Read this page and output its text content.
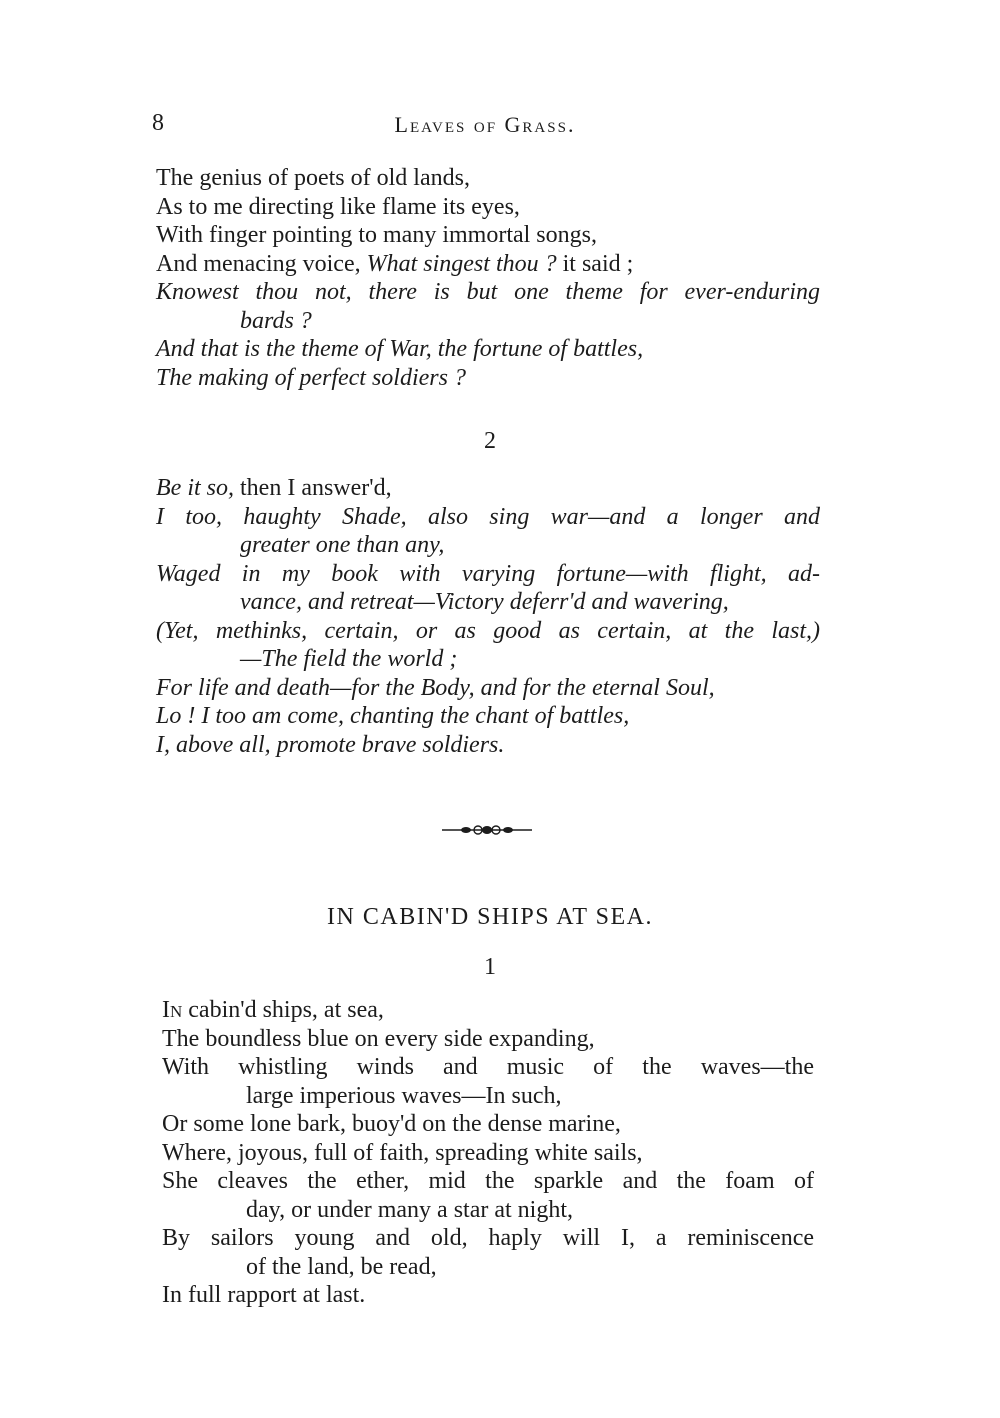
8	Leaves of Grass.
The genius of poets of old lands,
As to me directing like flame its eyes,
With finger pointing to many immortal songs,
And menacing voice, What singest thou ? it said ;
Knowest thou not, there is but one theme for ever-enduring
bards ?
And that is the theme of War, the fortune of battles,
The making of perfect soldiers ?
2
Be it so, then I answer'd,
I too, haughty Shade, also sing war—and a longer and
greater one than any,
Waged in my book with varying fortune—with flight, ad-
vance, and retreat—Victory deferr'd and wavering,
(Yet, methinks, certain, or as good as certain, at the last,)
—The field the world ;
For life and death—for the Body, and for the eternal Soul,
Lo ! I too am come, chanting the chant of battles,
I, above all, promote brave soldiers.
IN CABIN'D SHIPS AT SEA.
1
In cabin'd ships, at sea,
The boundless blue on every side expanding,
With whistling winds and music of the waves—the
large imperious waves—In such,
Or some lone bark, buoy'd on the dense marine,
Where, joyous, full of faith, spreading white sails,
She cleaves the ether, mid the sparkle and the foam of
day, or under many a star at night,
By sailors young and old, haply will I, a reminiscence
of the land, be read,
In full rapport at last.
